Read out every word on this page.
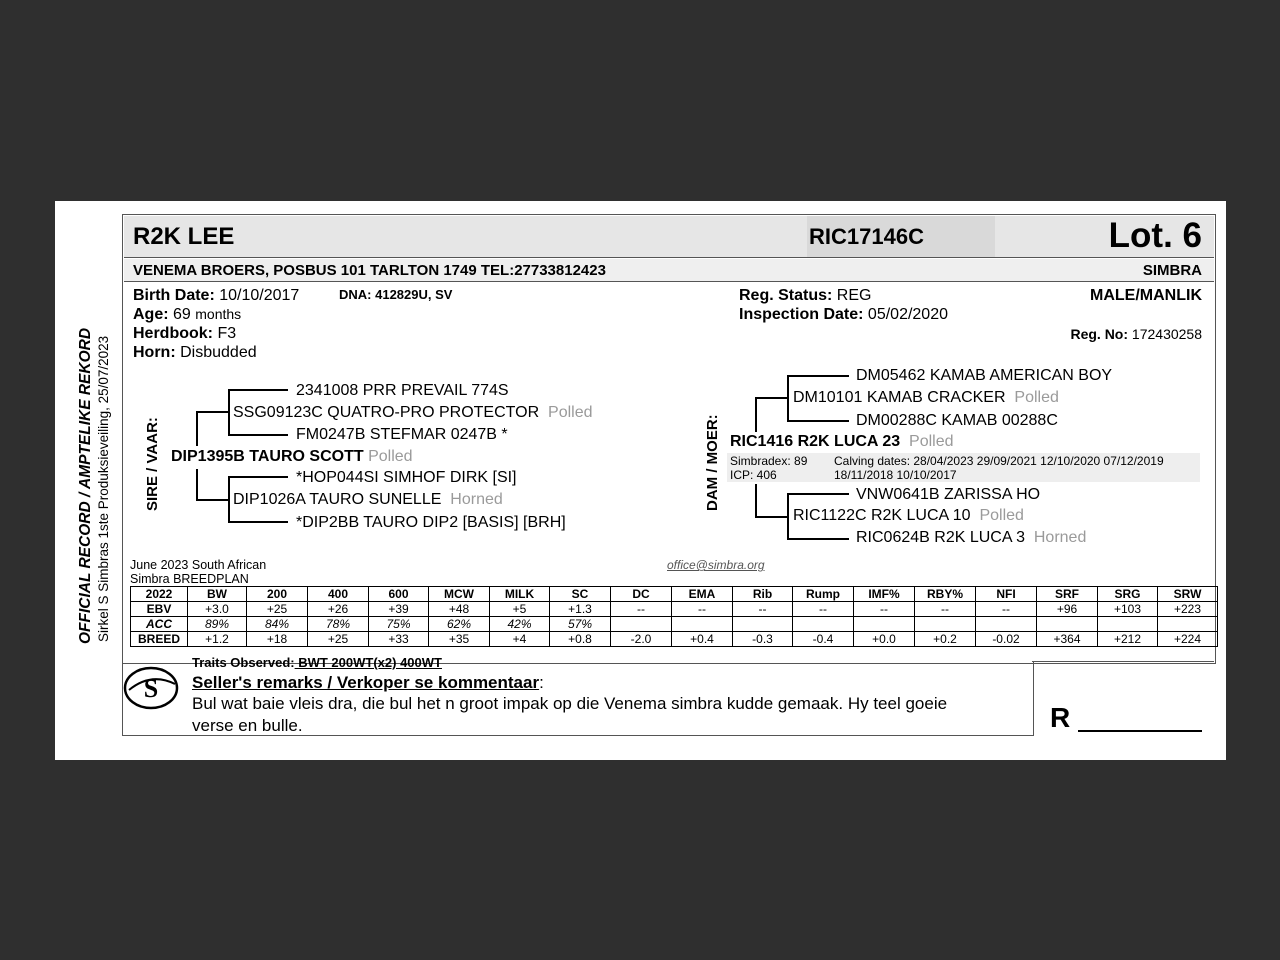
OFFICIAL RECORD / AMPTELIKE REKORD Sirkel S Simbras 1ste Produksieveiling, 25/07/2023
R2K LEE	RIC17146C	Lot. 6
VENEMA BROERS, POSBUS 101 TARLTON 1749 TEL:27733812423	SIMBRA
Birth Date: 10/10/2017	DNA: 412829U, SV
Age: 69 months
Herdbook: F3
Horn: Disbudded
Reg. Status: REG
Inspection Date: 05/02/2020
MALE/MANLIK
Reg. No: 172430258
SIRE / VAAR:
2341008 PRR PREVAIL 774S
SSG09123C QUATRO-PRO PROTECTOR Polled
FM0247B STEFMAR 0247B *
DIP1395B TAURO SCOTT Polled
*HOP044SI SIMHOF DIRK [SI]
DIP1026A TAURO SUNELLE Horned
*DIP2BB TAURO DIP2 [BASIS] [BRH]
DAM / MOER:
DM05462 KAMAB AMERICAN BOY
DM10101 KAMAB CRACKER Polled
DM00288C KAMAB 00288C
RIC1416 R2K LUCA 23 Polled
Simbradex: 89
ICP: 406
Calving dates: 28/04/2023 29/09/2021 12/10/2020 07/12/2019
18/11/2018 10/10/2017
VNW0641B ZARISSA HO
RIC1122C R2K LUCA 10 Polled
RIC0624B R2K LUCA 3 Horned
June 2023 South African
Simbra BREEDPLAN
office@simbra.org
2022	BW	200	400	600	MCW	MILK	SC	DC	EMA	Rib	Rump	IMF%	RBY%	NFI	SRF	SRG	SRW
EBV	+3.0	+25	+26	+39	+48	+5	+1.3	--	--	--	--	--	--	--	+96	+103	+223
ACC	89%	84%	78%	75%	62%	42%	57%										
BREED	+1.2	+18	+25	+33	+35	+4	+0.8	-2.0	+0.4	-0.3	-0.4	+0.0	+0.2	-0.02	+364	+212	+224
S
Traits Observed: BWT 200WT(x2) 400WT
Seller's remarks / Verkoper se kommentaar:
Bul wat baie vleis dra, die bul het n groot impak op die Venema simbra kudde gemaak. Hy teel goeie
verse en bulle.	R
